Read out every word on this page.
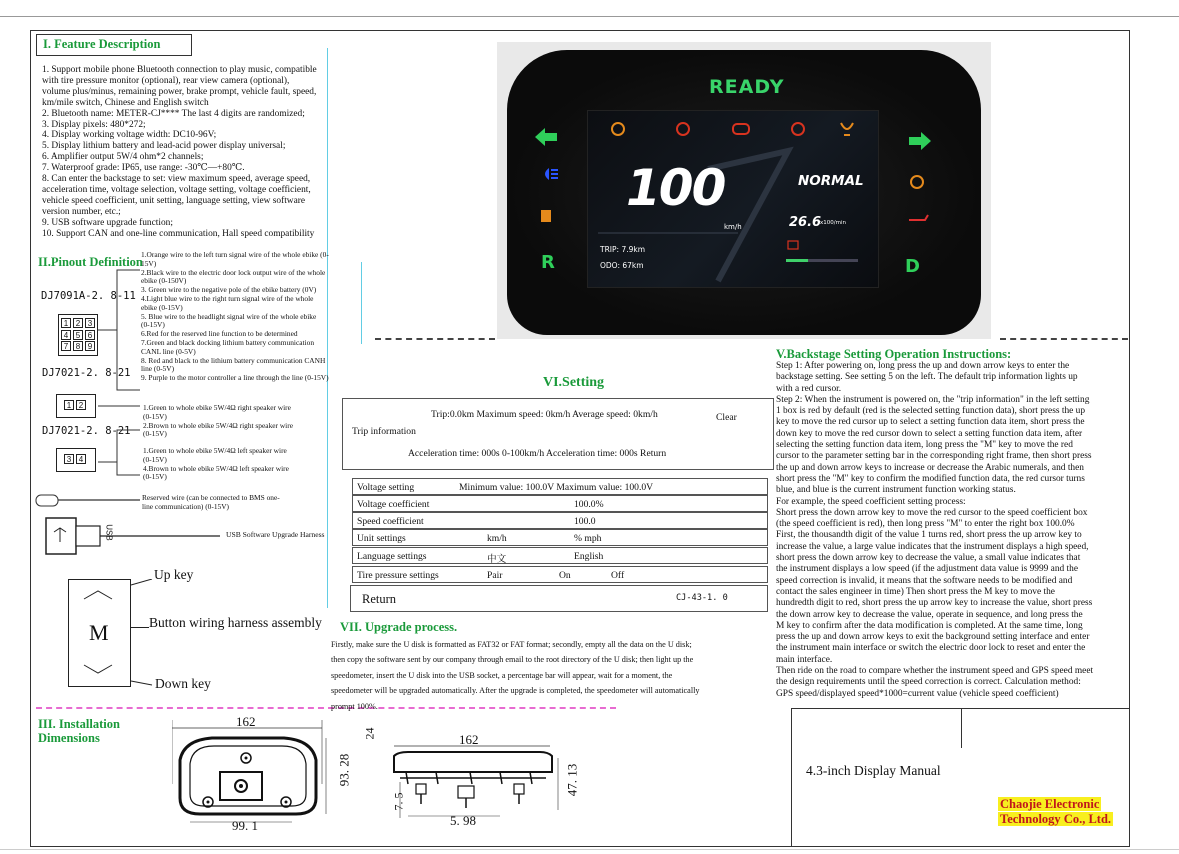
I. Feature Description
1. Support mobile phone Bluetooth connection to play music, compatible
with tire pressure monitor (optional), rear view camera (optional),
volume plus/minus, remaining power, brake prompt, vehicle fault, speed,
km/mile switch, Chinese and English switch
2. Bluetooth name: METER-CJ**** The last 4 digits are randomized;
3. Display pixels: 480*272;
4. Display working voltage width: DC10-96V;
5. Display lithium battery and lead-acid power display universal;
6. Amplifier output 5W/4 ohm*2 channels;
7. Waterproof grade: IP65, use range: -30℃—+80℃.
8. Can enter the backstage to set: view maximum speed, average speed,
acceleration time, voltage selection, voltage setting, voltage coefficient,
vehicle speed coefficient, unit setting, language setting, view software
version number, etc.;
9. USB software upgrade function;
10. Support CAN and one-line communication, Hall speed compatibility
II.Pinout Definition
DJ7091A-2. 8-11
1 2 3
4 5 6
7 8 9
DJ7021-2. 8-21
1 2
DJ7021-2. 8-21
3 4
1.Orange wire to the left turn signal wire of the whole ebike (0-
15V)
2.Black wire to the electric door lock output wire of the whole
ebike (0-150V)
3. Green wire to the negative pole of the ebike battery (0V)
4.Light blue wire to the right turn signal wire of the whole
ebike (0-15V)
5. Blue wire to the headlight signal wire of the whole ebike
(0-15V)
6.Red for the reserved line function to be determined
7.Green and black docking lithium battery communication
CANL line (0-5V)
8. Red and black to the lithium battery communication CANH
line (0-5V)
9. Purple to the motor controller a line through the line (0-15V)
1.Green to whole ebike 5W/4Ω right speaker wire
(0-15V)
2.Brown to whole ebike 5W/4Ω right speaker wire
(0-15V)
1.Green to whole ebike 5W/4Ω left speaker wire
(0-15V)
4.Brown to whole ebike 5W/4Ω left speaker wire
(0-15V)
Reserved wire (can be connected to BMS one-
line communication) (0-15V)
USB	USB Software Upgrade Harness
M
Up key
Button wiring harness assembly
Down key
READY
R	D
100
km/h
NORMAL
26.6
x100/min
TRIP: 7.9km
ODO: 67km
VI.Setting
Trip:0.0km Maximum speed: 0km/h Average speed: 0km/h	Clear
Trip information
Acceleration time: 000s 0-100km/h Acceleration time: 000s Return
Voltage setting	Minimum value: 100.0V Maximum value: 100.0V
Voltage coefficient	100.0%
Speed coefficient	100.0
Unit settings	km/h	% mph
Language settings	中文	English
Tire pressure settings	Pair	On	Off
Return	CJ-43-1. 0
VII. Upgrade process.
Firstly, make sure the U disk is formatted as FAT32 or FAT format; secondly, empty all the data on the U disk;
then copy the software sent by our company through email to the root directory of the U disk; then light up the
speedometer, insert the U disk into the USB socket, a percentage bar will appear, wait for a moment, the
speedometer will be upgraded automatically. After the upgrade is completed, the speedometer will automatically
prompt 100%.
V.Backstage Setting Operation Instructions:
Step 1: After powering on, long press the up and down arrow keys to enter the
backstage setting. See setting 5 on the left. The default trip information lights up
with a red cursor.
Step 2: When the instrument is powered on, the "trip information" in the left setting
1 box is red by default (red is the selected setting function data), short press the up
key to move the red cursor up to select a setting function data item, short press the
down key to move the red cursor down to select a setting function data item, after
selecting the setting function data item, long press the "M" key to move the red
cursor to the parameter setting bar in the corresponding right frame, then short press
the up and down arrow keys to increase or decrease the Arabic numerals, and then
short press the "M" key to confirm the modified function data, the red cursor turns
blue, and blue is the current instrument function working status.
For example, the speed coefficient setting process:
Short press the down arrow key to move the red cursor to the speed coefficient box
(the speed coefficient is red), then long press "M" to enter the right box 100.0%
First, the thousandth digit of the value 1 turns red, short press the up arrow key to
increase the value, a large value indicates that the instrument displays a high speed,
short press the down arrow key to decrease the value, a small value indicates that
the instrument displays a low speed (if the adjustment data value is 9999 and the
speed correction is invalid, it means that the software needs to be modified and
contact the sales engineer in time) Then short press the M key to move the
hundredth digit to red, short press the up arrow key to increase the value, short press
the down arrow key to decrease the value, operate in sequence, and long press the
M key to confirm after the data modification is completed. At the same time, long
press the up and down arrow keys to exit the background setting interface and enter
the instrument main interface or switch the electric door lock to reset and enter the
main interface.
Then ride on the road to compare whether the instrument speed and GPS speed meet
the design requirements until the speed correction is correct. Calculation method:
GPS speed/displayed speed*1000=current value (vehicle speed coefficient)
III. Installation
Dimensions
162
93. 28
99. 1
24	162
47. 13
7. 5
5. 98
4.3-inch Display Manual
Chaojie Electronic
Technology Co., Ltd.
